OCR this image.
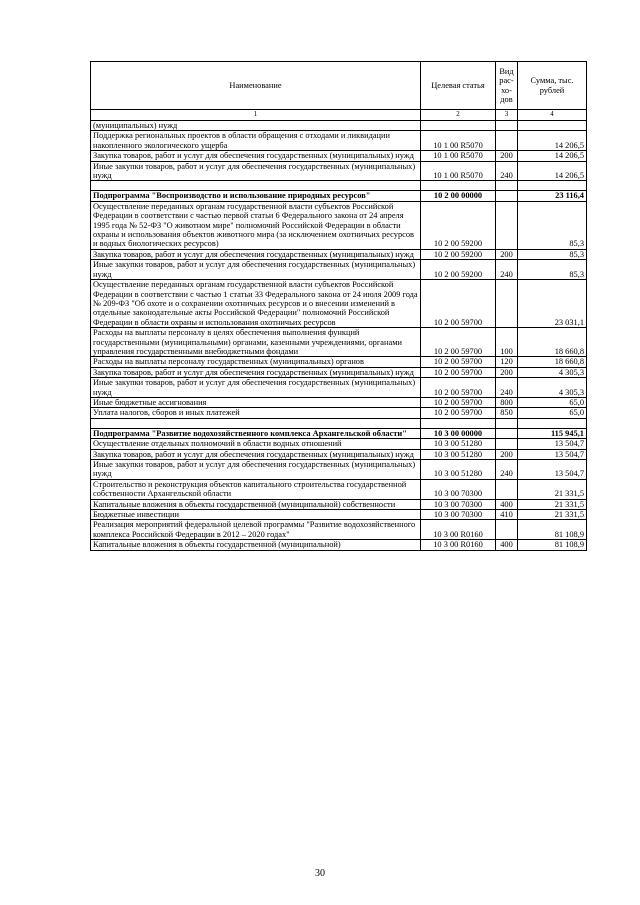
Наименование	Целевая статья	Вид рас-хо-дов	Сумма, тыс. рублей
1	2	3	4
(муниципальных) нужд			
Поддержка региональных проектов в области обращения с отходами и ликвидации накопленного экологического ущерба	10 1 00 R5070		14 206,5
Закупка товаров, работ и услуг для обеспечения государственных (муниципальных) нужд	10 1 00 R5070	200	14 206,5
Иные закупки товаров, работ и услуг для обеспечения государственных (муниципальных) нужд	10 1 00 R5070	240	14 206,5

Подпрограмма "Воспроизводство и использование природных ресурсов"	10 2 00 00000		23 116,4
Осуществление переданных органам государственной власти субъектов Российской Федерации в соответствии с частью первой статьи 6 Федерального закона от 24 апреля 1995 года № 52-ФЗ "О животном мире" полномочий Российской Федерации в области охраны и использования объектов животного мира (за исключением охотничьих ресурсов и водных биологических ресурсов)	10 2 00 59200		85,3
Закупка товаров, работ и услуг для обеспечения государственных (муниципальных) нужд	10 2 00 59200	200	85,3
Иные закупки товаров, работ и услуг для обеспечения государственных (муниципальных) нужд	10 2 00 59200	240	85,3
Осуществление переданных органам государственной власти субъектов Российской Федерации в соответствии с частью 1 статьи 33 Федерального закона от 24 июля 2009 года № 209-ФЗ "Об охоте и о сохранении охотничьих ресурсов и о внесении изменений в отдельные законодательные акты Российской Федерации" полномочий Российской Федерации в области охраны и использования охотничьих ресурсов	10 2 00 59700		23 031,1
Расходы на выплаты персоналу в целях обеспечения выполнения функций государственными (муниципальными) органами, казенными учреждениями, органами управления государственными внебюджетными фондами	10 2 00 59700	100	18 660,8
Расходы на выплаты персоналу государственных (муниципальных) органов	10 2 00 59700	120	18 660,8
Закупка товаров, работ и услуг для обеспечения государственных (муниципальных) нужд	10 2 00 59700	200	4 305,3
Иные закупки товаров, работ и услуг для обеспечения государственных (муниципальных) нужд	10 2 00 59700	240	4 305,3
Иные бюджетные ассигнования	10 2 00 59700	800	65,0
Уплата налогов, сборов и иных платежей	10 2 00 59700	850	65,0

Подпрограмма "Развитие водохозяйственного комплекса Архангельской области"	10 3 00 00000		115 945,1
Осуществление отдельных полномочий в области водных отношений	10 3 00 51280		13 504,7
Закупка товаров, работ и услуг для обеспечения государственных (муниципальных) нужд	10 3 00 51280	200	13 504,7
Иные закупки товаров, работ и услуг для обеспечения государственных (муниципальных) нужд	10 3 00 51280	240	13 504,7
Строительство и реконструкция объектов капитального строительства государственной собственности Архангельской области	10 3 00 70300		21 331,5
Капитальные вложения в объекты государственной (муниципальной) собственности	10 3 00 70300	400	21 331,5
Бюджетные инвестиции	10 3 00 70300	410	21 331,5
Реализация мероприятий федеральной целевой программы "Развитие водохозяйственного комплекса Российской Федерации в 2012 – 2020 годах"	10 3 00 R0160		81 108,9
Капитальные вложения в объекты государственной (муниципальной)	10 3 00 R0160	400	81 108,9
30
